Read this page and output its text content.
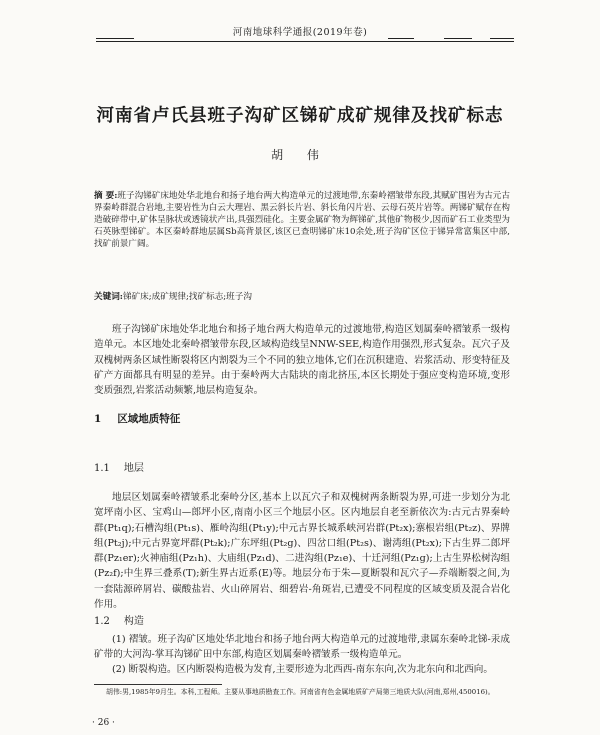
河南地球科学通报(2019年卷)
河南省卢氏县班子沟矿区锑矿成矿规律及找矿标志
胡 伟
摘 要:班子沟锑矿床地处华北地台和扬子地台两大构造单元的过渡地带,东秦岭褶皱带东段,其赋矿围岩为古元古界秦岭群混合岩地,主要岩性为白云大理岩、黑云斜长片岩、斜长角闪片岩、云母石英片岩等。两锑矿赋存在构造破碎带中,矿体呈脉状或透镜状产出,具强烈硅化。主要金属矿物为辉锑矿,其他矿物极少,因而矿石工业类型为石英脉型锑矿。本区秦岭群地层属Sb高背景区,该区已查明锑矿床10余处,班子沟矿区位于锑异常富集区中部,找矿前景广阔。
关键词:锑矿床;成矿规律;找矿标志;班子沟
班子沟锑矿床地处华北地台和扬子地台两大构造单元的过渡地带,构造区划属秦岭褶皱系一级构造单元。本区地处北秦岭褶皱带东段,区域构造线呈NNW-SEE,构造作用强烈,形式复杂。瓦穴子及双槐树两条区域性断裂将区内割裂为三个不同的独立地体,它们在沉积建造、岩浆活动、形变特征及矿产方面都具有明显的差异。由于秦岭两大古陆块的南北挤压,本区长期处于强应变构造环境,变形变质强烈,岩浆活动频繁,地层构造复杂。
1 区域地质特征
1.1 地层
地层区划属秦岭褶皱系北秦岭分区,基本上以瓦穴子和双槐树两条断裂为界,可进一步划分为北宽坪南小区、宝鸡山—郎坪小区,南南小区三个地层小区。区内地层自老至新依次为:古元古界秦岭群(Pt₁q);石槽沟组(Pt₁s)、雁岭沟组(Pt₁y);中元古界长城系峡河岩群(Pt₂x);寨根岩组(Pt₂z)、界牌组(Pt₂j);中元古界宽坪群(Pt₂k);广东坪组(Pt₂g)、四岔口组(Pt₂s)、谢湾组(Pt₂x);下古生界二郎坪群(Pz₁er);火神庙组(Pz₁h)、大庙组(Pz₁d)、二进沟组(Pz₁e)、十迁河组(Pz₁g);上古生界松树沟组(Pz₂f);中生界三叠系(T);新生界古近系(E)等。地层分布于朱—夏断裂和瓦穴子—乔端断裂之间,为一套陆源碎屑岩、碳酸盐岩、火山碎屑岩、细碧岩-角斑岩,已遭受不同程度的区域变质及混合岩化作用。
1.2 构造
(1) 褶皱。班子沟矿区地处华北地台和扬子地台两大构造单元的过渡地带,隶属东秦岭北锑-汞成矿带的大河沟-掌耳沟锑矿田中东部,构造区划属秦岭褶皱系一级构造单元。
(2) 断裂构造。区内断裂构造极为发育,主要形迹为北西西-南东东向,次为北东向和北西向。
胡伟:男,1985年9月生。本科,工程师。主要从事地质勘查工作。河南省有色金属地质矿产局第三地质大队(河南,郑州,450016)。
· 26 ·
